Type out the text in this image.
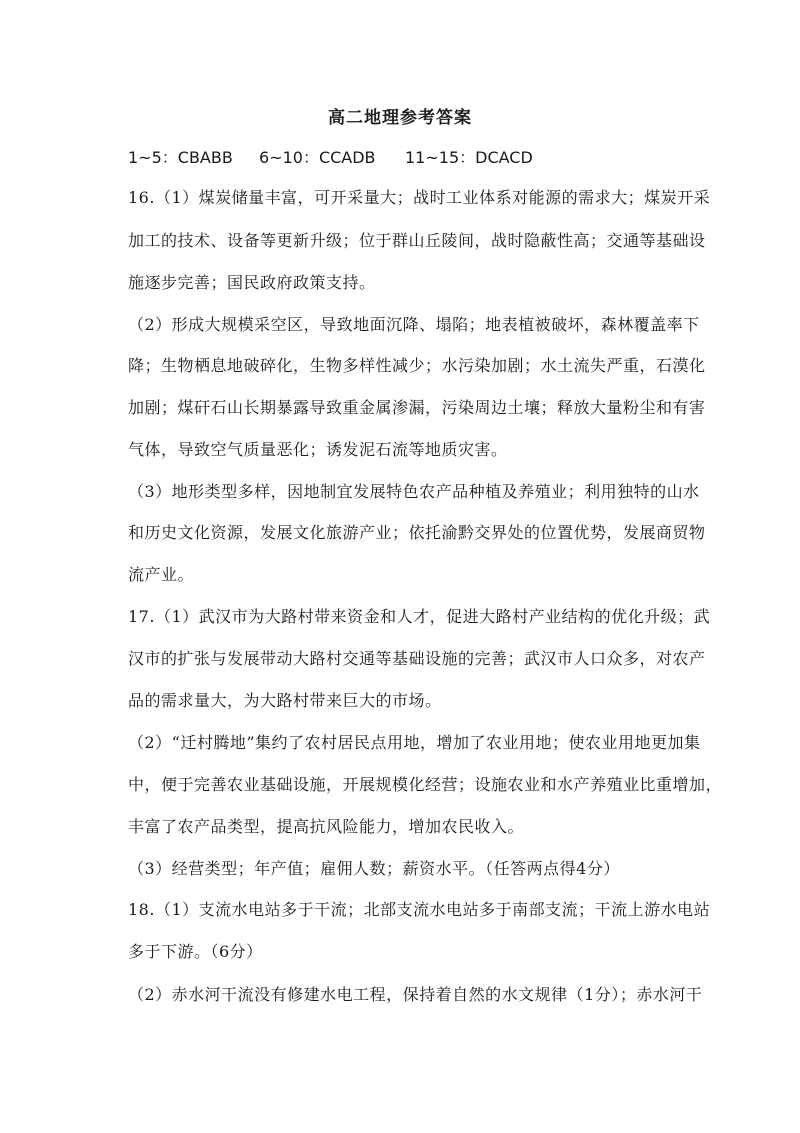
高二地理参考答案
1~5：CBABB 6~10：CCADB 11~15：DCACD
16.（1）煤炭储量丰富，可开采量大；战时工业体系对能源的需求大；煤炭开采
加工的技术、设备等更新升级；位于群山丘陵间，战时隐蔽性高；交通等基础设
施逐步完善；国民政府政策支持。
（2）形成大规模采空区，导致地面沉降、塌陷；地表植被破坏，森林覆盖率下
降；生物栖息地破碎化，生物多样性减少；水污染加剧；水土流失严重，石漠化
加剧；煤矸石山长期暴露导致重金属渗漏，污染周边土壤；释放大量粉尘和有害
气体，导致空气质量恶化；诱发泥石流等地质灾害。
（3）地形类型多样，因地制宜发展特色农产品种植及养殖业；利用独特的山水
和历史文化资源，发展文化旅游产业；依托渝黔交界处的位置优势，发展商贸物
流产业。
17.（1）武汉市为大路村带来资金和人才，促进大路村产业结构的优化升级；武
汉市的扩张与发展带动大路村交通等基础设施的完善；武汉市人口众多，对农产
品的需求量大，为大路村带来巨大的市场。
（2）“迁村腾地”集约了农村居民点用地，增加了农业用地；使农业用地更加集
中，便于完善农业基础设施，开展规模化经营；设施农业和水产养殖业比重增加，
丰富了农产品类型，提高抗风险能力，增加农民收入。
（3）经营类型；年产值；雇佣人数；薪资水平。（任答两点得4分）
18.（1）支流水电站多于干流；北部支流水电站多于南部支流；干流上游水电站
多于下游。（6分）
（2）赤水河干流没有修建水电工程，保持着自然的水文规律（1分）；赤水河干
